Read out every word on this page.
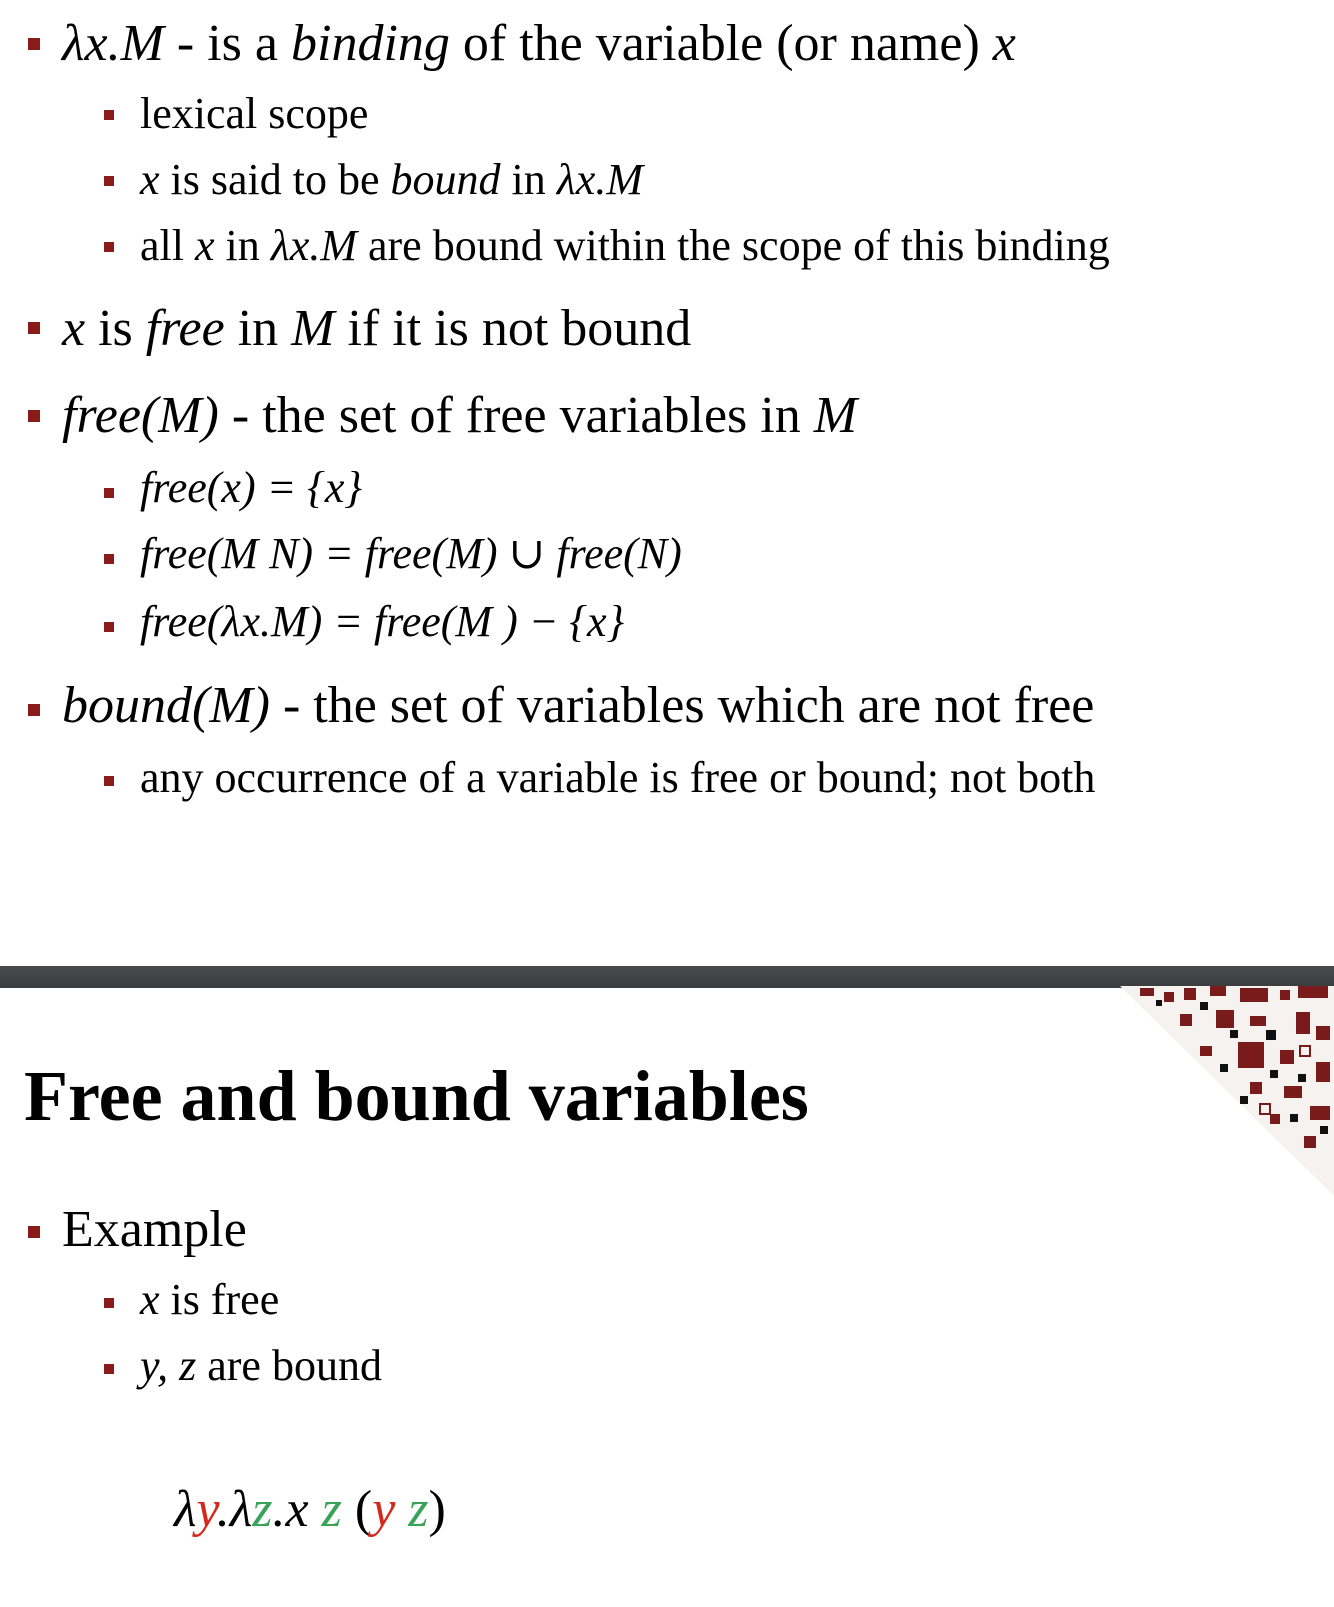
λx.M - is a binding of the variable (or name) x
lexical scope
x is said to be bound in λx.M
all x in λx.M are bound within the scope of this binding
x is free in M if it is not bound
free(M) - the set of free variables in M
free(x) = {x}
free(M N) = free(M) ∪ free(N)
free(λx.M) = free(M ) − {x}
bound(M) - the set of variables which are not free
any occurrence of a variable is free or bound; not both
Free and bound variables
Example
x is free
y, z are bound
λy.λz.x z (y z)
